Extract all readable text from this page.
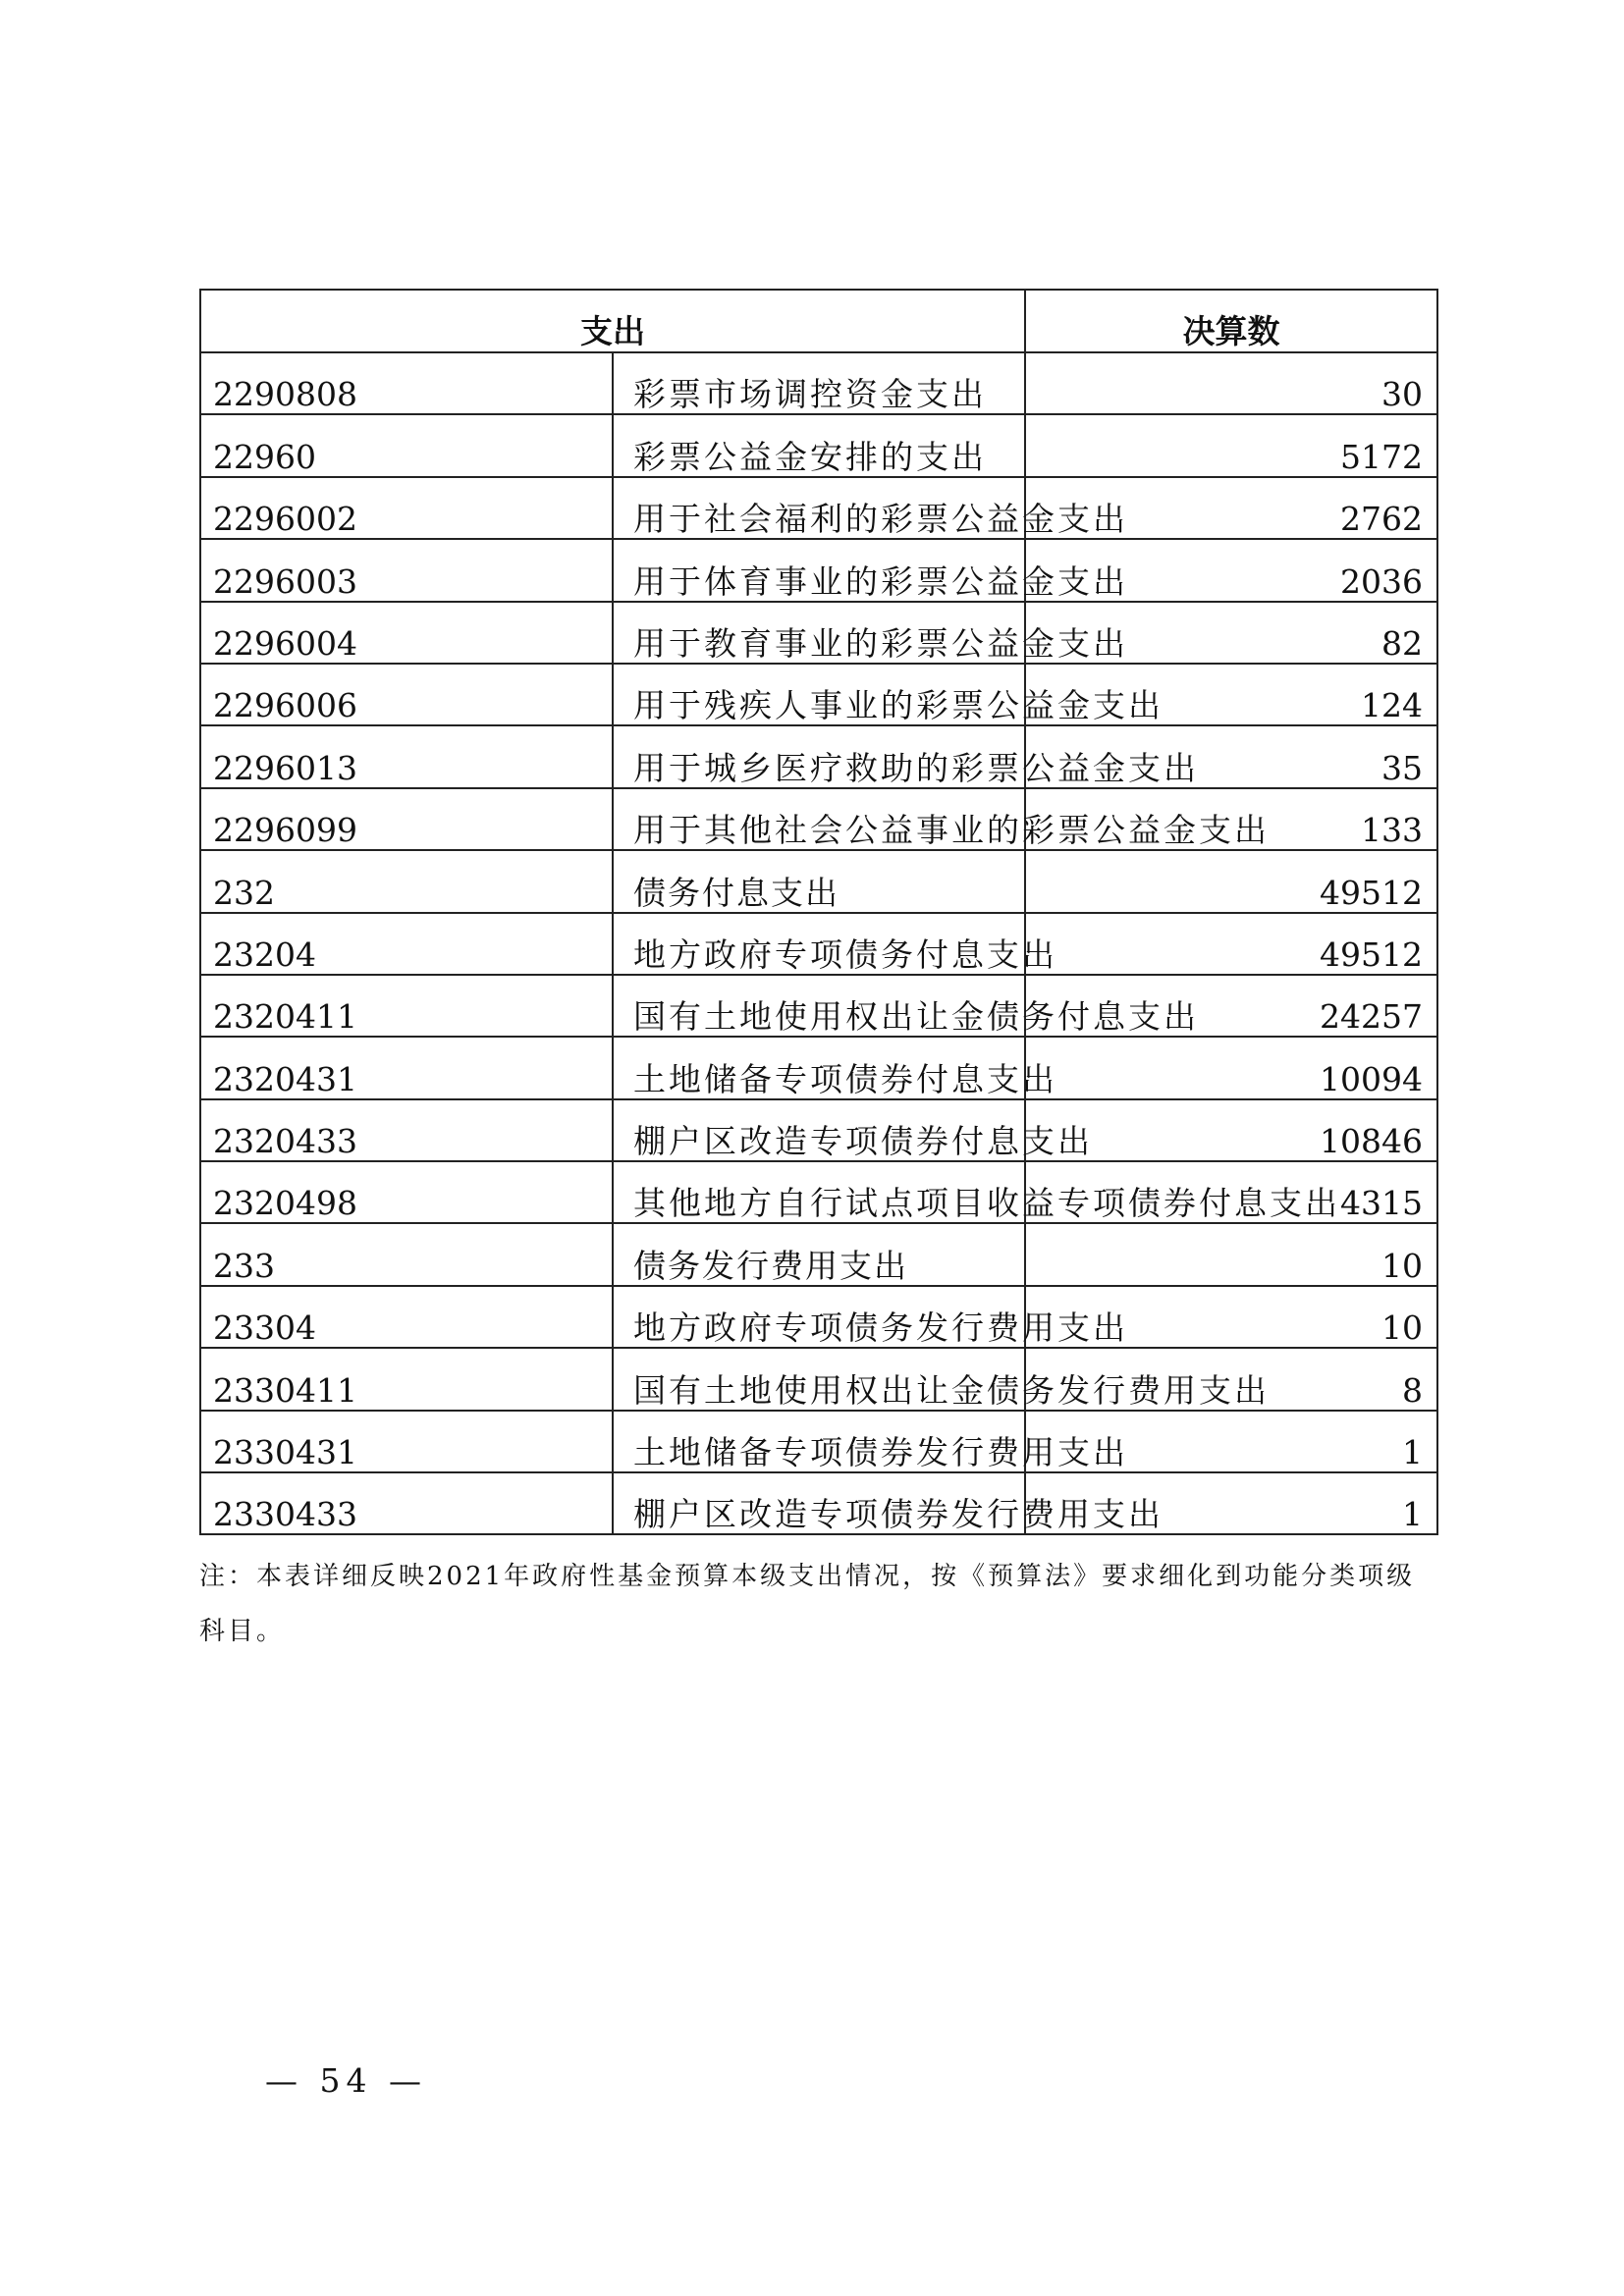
支出		决算数
2290808	彩票市场调控资金支出	30
22960	彩票公益金安排的支出	5172
2296002	用于社会福利的彩票公益金支出	2762
2296003	用于体育事业的彩票公益金支出	2036
2296004	用于教育事业的彩票公益金支出	82
2296006	用于残疾人事业的彩票公益金支出	124
2296013	用于城乡医疗救助的彩票公益金支出	35
2296099	用于其他社会公益事业的彩票公益金支出	133
232	债务付息支出	49512
23204	地方政府专项债务付息支出	49512
2320411	国有土地使用权出让金债务付息支出	24257
2320431	土地储备专项债券付息支出	10094
2320433	棚户区改造专项债券付息支出	10846
2320498	其他地方自行试点项目收益专项债券付息支出	4315
233	债务发行费用支出	10
23304	地方政府专项债务发行费用支出	10
2330411	国有土地使用权出让金债务发行费用支出	8
2330431	土地储备专项债券发行费用支出	1
2330433	棚户区改造专项债券发行费用支出	1
注：本表详细反映2021年政府性基金预算本级支出情况，按《预算法》要求细化到功能分类项级科目。
— 54 —
